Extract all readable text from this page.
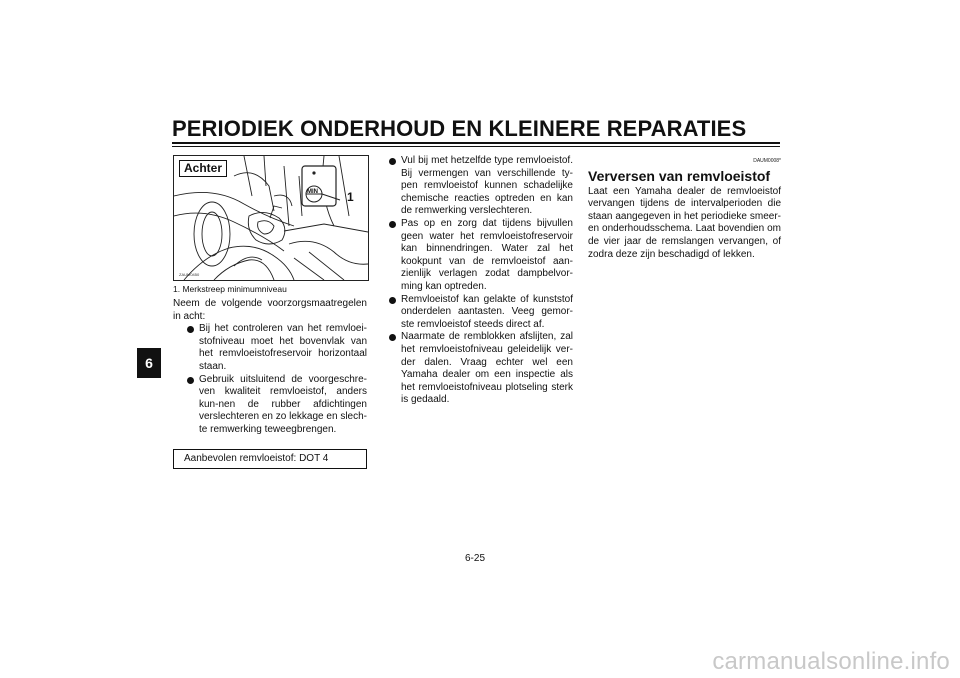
PERIODIEK ONDERHOUD EN KLEINERE REPARATIES
6
Achter
1
MIN
ZAUM0450
1. Merkstreep minimumniveau

Neem de volgende voorzorgsmaatregelen in acht:

Bij het controleren van het remvloei-stofniveau moet het bovenvlak van het remvloeistofreservoir horizontaal staan.
Gebruik uitsluitend de voorgeschre-ven kwaliteit remvloeistof, anders kun-nen de rubber afdichtingen verslechteren en zo lekkage en slech-te remwerking teweegbrengen.
Aanbevolen remvloeistof: DOT 4
Vul bij met hetzelfde type remvloeistof. Bij vermengen van verschillende ty-pen remvloeistof kunnen schadelijke chemische reacties optreden en kan de remwerking verslechteren.
Pas op en zorg dat tijdens bijvullen geen water het remvloeistofreservoir kan binnendringen. Water zal het kookpunt van de remvloeistof aan-zienlijk verlagen zodat dampbelvor-ming kan optreden.
Remvloeistof kan gelakte of kunststof onderdelen aantasten. Veeg gemor-ste remvloeistof steeds direct af.
Naarmate de remblokken afslijten, zal het remvloeistofniveau geleidelijk ver-der dalen. Vraag echter wel een Yamaha dealer om een inspectie als het remvloeistofniveau plotseling sterk is gedaald.
DAUM0008*
Verversen van remvloeistof

Laat een Yamaha dealer de remvloeistof vervangen tijdens de intervalperioden die staan aangegeven in het periodieke smeer-en onderhoudsschema. Laat bovendien om de vier jaar de remslangen vervangen, of zodra deze zijn beschadigd of lekken.

6-25
carmanualsonline.info
